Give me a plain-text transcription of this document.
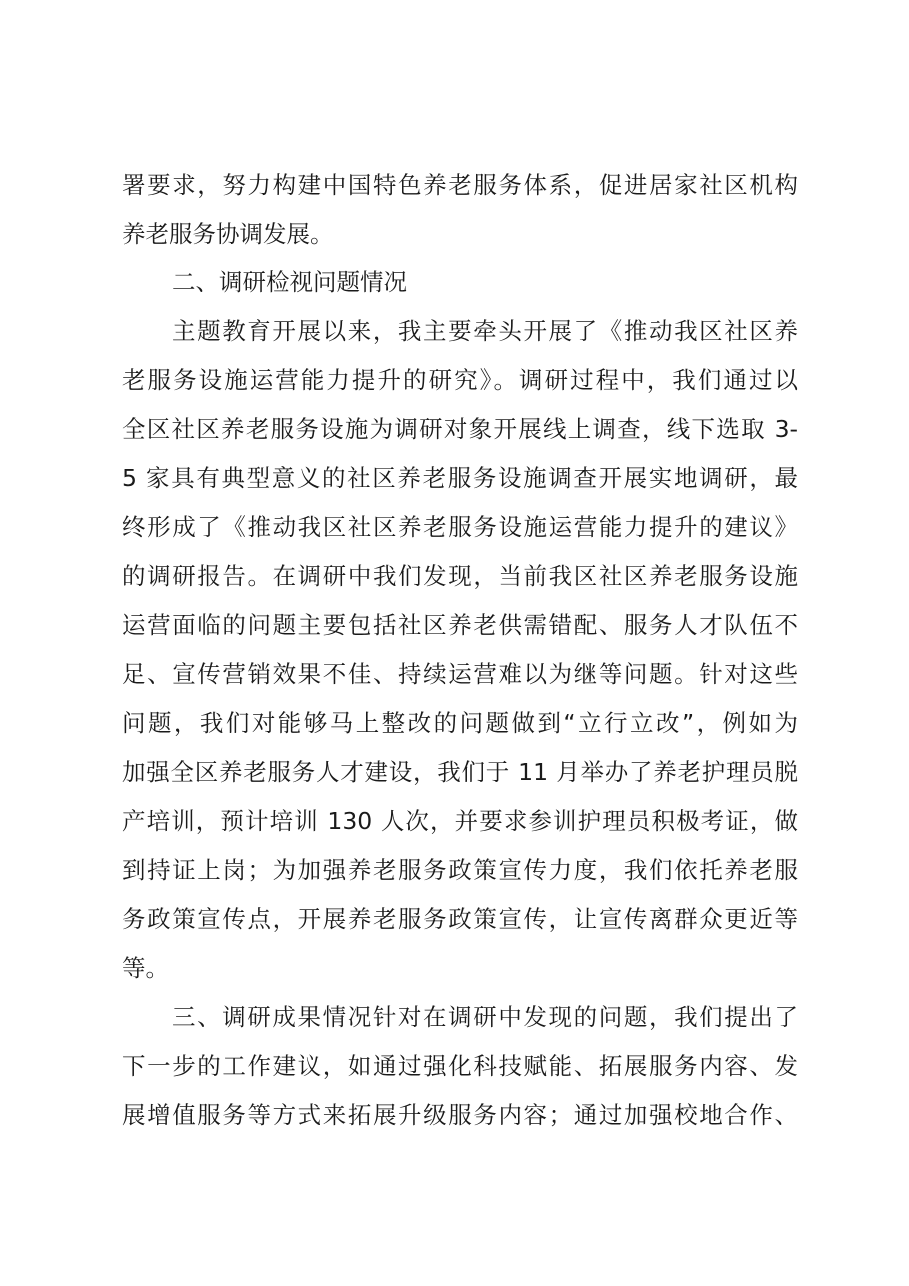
署要求，努力构建中国特色养老服务体系，促进居家社区机构
养老服务协调发展。
二、调研检视问题情况
主题教育开展以来，我主要牵头开展了《推动我区社区养
老服务设施运营能力提升的研究》。调研过程中，我们通过以
全区社区养老服务设施为调研对象开展线上调查，线下选取 3-
5 家具有典型意义的社区养老服务设施调查开展实地调研，最
终形成了《推动我区社区养老服务设施运营能力提升的建议》
的调研报告。在调研中我们发现，当前我区社区养老服务设施
运营面临的问题主要包括社区养老供需错配、服务人才队伍不
足、宣传营销效果不佳、持续运营难以为继等问题。针对这些
问题，我们对能够马上整改的问题做到“立行立改”，例如为
加强全区养老服务人才建设，我们于 11 月举办了养老护理员脱
产培训，预计培训 130 人次，并要求参训护理员积极考证，做
到持证上岗；为加强养老服务政策宣传力度，我们依托养老服
务政策宣传点，开展养老服务政策宣传，让宣传离群众更近等
等。
三、调研成果情况针对在调研中发现的问题，我们提出了
下一步的工作建议，如通过强化科技赋能、拓展服务内容、发
展增值服务等方式来拓展升级服务内容；通过加强校地合作、
